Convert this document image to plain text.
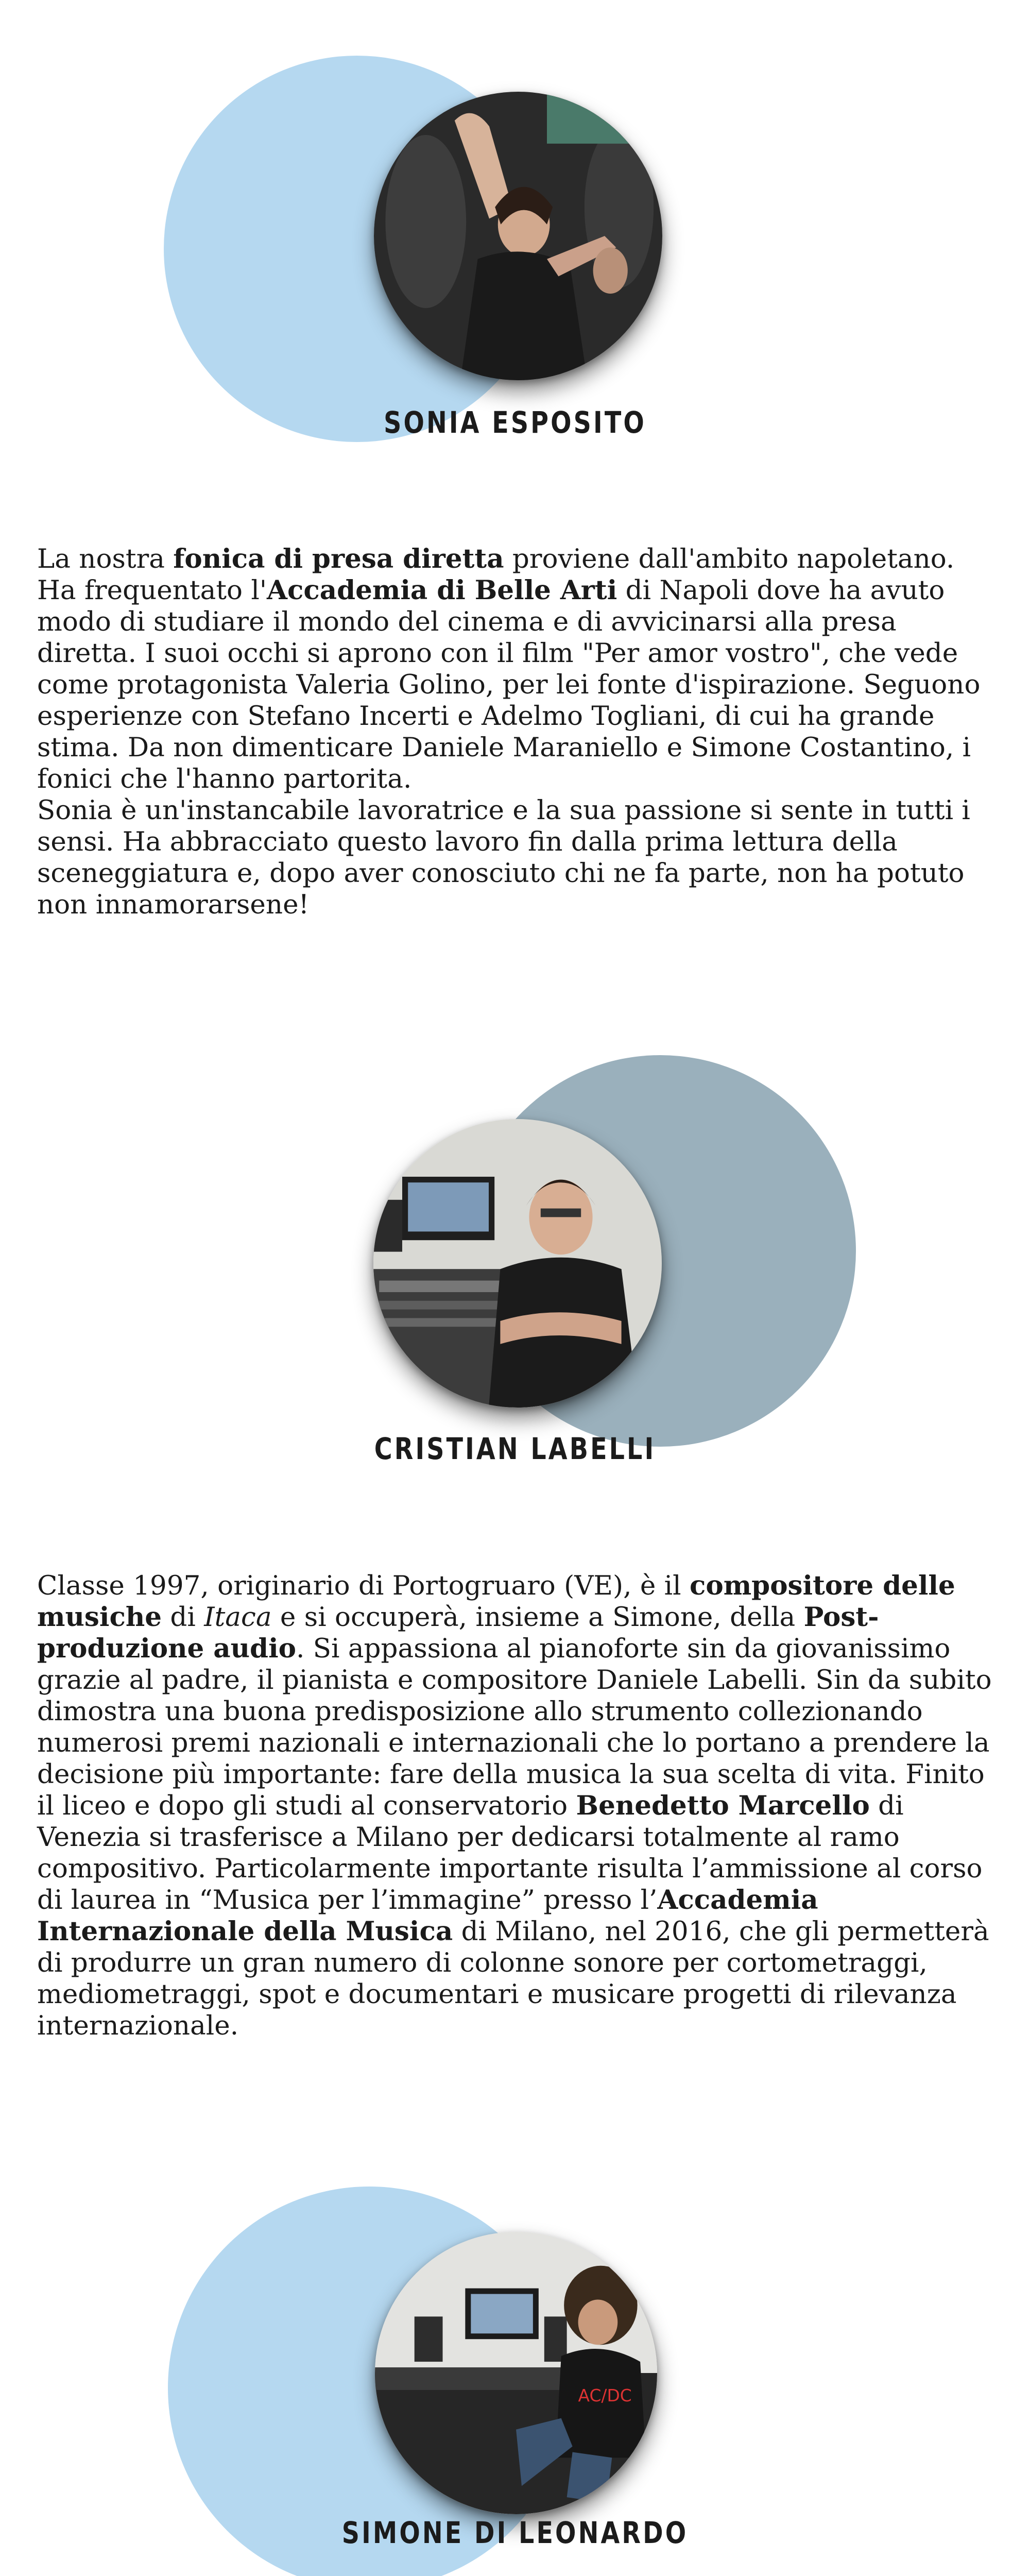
SONIA ESPOSITO

La nostra fonica di presa diretta proviene dall'ambito napoletano. Ha frequentato l'Accademia di Belle Arti di Napoli dove ha avuto modo di studiare il mondo del cinema e di avvicinarsi alla presa diretta. I suoi occhi si aprono con il film "Per amor vostro", che vede come protagonista Valeria Golino, per lei fonte d'ispirazione. Seguono esperienze con Stefano Incerti e Adelmo Togliani, di cui ha grande stima. Da non dimenticare Daniele Maraniello e Simone Costantino, i fonici che l'hanno partorita.

Sonia è un'instancabile lavoratrice e la sua passione si sente in tutti i sensi. Ha abbracciato questo lavoro fin dalla prima lettura della sceneggiatura e, dopo aver conosciuto chi ne fa parte, non ha potuto non innamorarsene!

CRISTIAN LABELLI

Classe 1997, originario di Portogruaro (VE), è il compositore delle musiche di Itaca e si occuperà, insieme a Simone, della Post-produzione audio. Si appassiona al pianoforte sin da giovanissimo grazie al padre, il pianista e compositore Daniele Labelli. Sin da subito dimostra una buona predisposizione allo strumento collezionando numerosi premi nazionali e internazionali che lo portano a prendere la decisione più importante: fare della musica la sua scelta di vita. Finito il liceo e dopo gli studi al conservatorio Benedetto Marcello di Venezia si trasferisce a Milano per dedicarsi totalmente al ramo compositivo. Particolarmente importante risulta l’ammissione al corso di laurea in “Musica per l’immagine” presso l’Accademia Internazionale della Musica di Milano, nel 2016, che gli permetterà di produrre un gran numero di colonne sonore per cortometraggi, mediometraggi, spot e documentari e musicare progetti di rilevanza internazionale.

AC/DC
SIMONE DI LEONARDO
